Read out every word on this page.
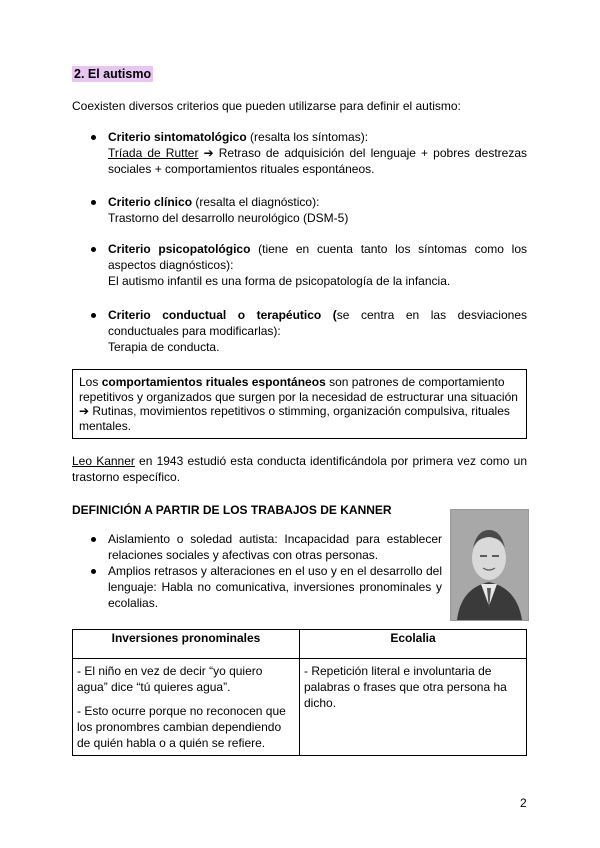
2. El autismo
Coexisten diversos criterios que pueden utilizarse para definir el autismo:
Criterio sintomatológico (resalta los síntomas):
Tríada de Rutter ➔ Retraso de adquisición del lenguaje + pobres destrezas sociales + comportamientos rituales espontáneos.
Criterio clínico (resalta el diagnóstico):
Trastorno del desarrollo neurológico (DSM-5)
Criterio psicopatológico (tiene en cuenta tanto los síntomas como los aspectos diagnósticos):
El autismo infantil es una forma de psicopatología de la infancia.
Criterio conductual o terapéutico (se centra en las desviaciones conductuales para modificarlas):
Terapia de conducta.
Los comportamientos rituales espontáneos son patrones de comportamiento repetitivos y organizados que surgen por la necesidad de estructurar una situación ➔ Rutinas, movimientos repetitivos o stimming, organización compulsiva, rituales mentales.
Leo Kanner en 1943 estudió esta conducta identificándola por primera vez como un trastorno específico.
DEFINICIÓN A PARTIR DE LOS TRABAJOS DE KANNER
Aislamiento o soledad autista: Incapacidad para establecer relaciones sociales y afectivas con otras personas.
Amplios retrasos y alteraciones en el uso y en el desarrollo del lenguaje: Habla no comunicativa, inversiones pronominales y ecolalias.
Inversiones pronominales	Ecolalia

- El niño en vez de decir “yo quiero agua” dice “tú quieres agua”.

- Esto ocurre porque no reconocen que los pronombres cambian dependiendo de quién habla o a quién se refiere.	- Repetición literal e involuntaria de palabras o frases que otra persona ha dicho.

2
